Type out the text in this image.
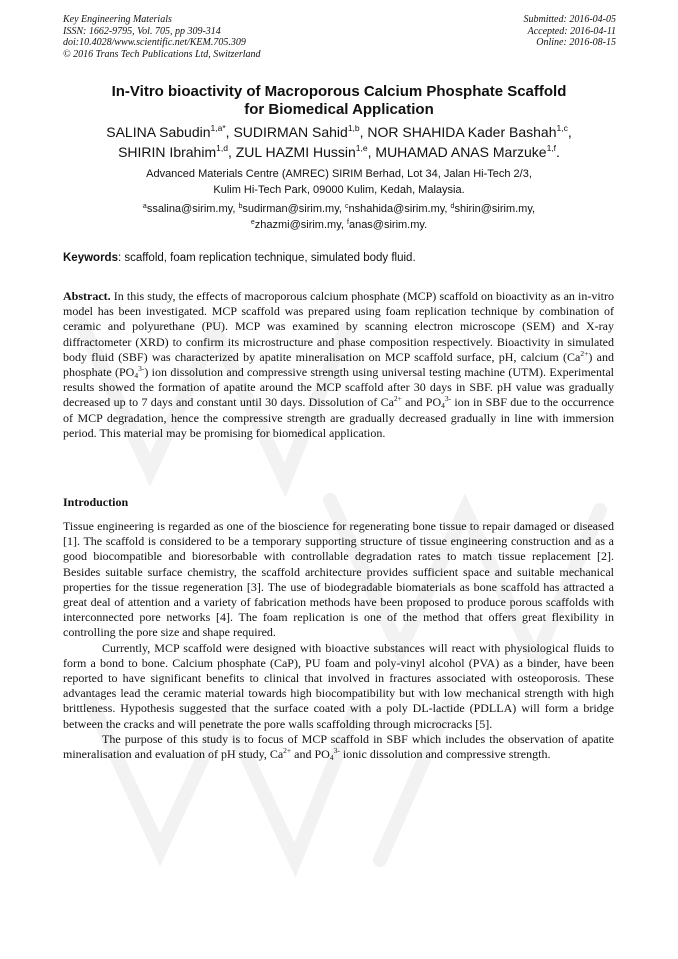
Key Engineering Materials
ISSN: 1662-9795, Vol. 705, pp 309-314
doi:10.4028/www.scientific.net/KEM.705.309
© 2016 Trans Tech Publications Ltd, Switzerland
Submitted: 2016-04-05
Accepted: 2016-04-11
Online: 2016-08-15
In-Vitro bioactivity of Macroporous Calcium Phosphate Scaffold
for Biomedical Application
SALINA Sabudin$^{1,a*}$, SUDIRMAN Sahid$^{1,b}$, NOR SHAHIDA Kader Bashah$^{1,c}$,
SHIRIN Ibrahim$^{1,d}$, ZUL HAZMI Hussin$^{1,e}$, MUHAMAD ANAS Marzuke$^{1,f}$.
Advanced Materials Centre (AMREC) SIRIM Berhad, Lot 34, Jalan Hi-Tech 2/3,
Kulim Hi-Tech Park, 09000 Kulim, Kedah, Malaysia.
$^a$ssalina@sirim.my, $^b$sudirman@sirim.my, $^c$nshahida@sirim.my, $^d$shirin@sirim.my,
$^e$zhazmi@sirim.my, $^f$anas@sirim.my.
Keywords: scaffold, foam replication technique, simulated body fluid.
Abstract. In this study, the effects of macroporous calcium phosphate (MCP) scaffold on bioactivity as an in-vitro model has been investigated. MCP scaffold was prepared using foam replication technique by combination of ceramic and polyurethane (PU). MCP was examined by scanning electron microscope (SEM) and X-ray diffractometer (XRD) to confirm its microstructure and phase composition respectively. Bioactivity in simulated body fluid (SBF) was characterized by apatite mineralisation on MCP scaffold surface, pH, calcium $(Ca^{2+})$ and phosphate $(PO_4^{3-})$ ion dissolution and compressive strength using universal testing machine (UTM). Experimental results showed the formation of apatite around the MCP scaffold after 30 days in SBF. pH value was gradually decreased up to 7 days and constant until 30 days. Dissolution of $Ca^{2+}$ and $PO_4^{3-}$ ion in SBF due to the occurrence of MCP degradation, hence the compressive strength are gradually decreased gradually in line with immersion period. This material may be promising for biomedical application.
Introduction

Tissue engineering is regarded as one of the bioscience for regenerating bone tissue to repair damaged or diseased [1]. The scaffold is considered to be a temporary supporting structure of tissue engineering construction and as a good biocompatible and bioresorbable with controllable degradation rates to match tissue replacement [2]. Besides suitable surface chemistry, the scaffold architecture provides sufficient space and suitable mechanical properties for the tissue regeneration [3]. The use of biodegradable biomaterials as bone scaffold has attracted a great deal of attention and a variety of fabrication methods have been proposed to produce porous scaffolds with interconnected pore networks [4]. The foam replication is one of the method that offers great flexibility in controlling the pore size and shape required.

Currently, MCP scaffold were designed with bioactive substances will react with physiological fluids to form a bond to bone. Calcium phosphate (CaP), PU foam and poly-vinyl alcohol (PVA) as a binder, have been reported to have significant benefits to clinical that involved in fractures associated with osteoporosis. These advantages lead the ceramic material towards high biocompatibility but with low mechanical strength with high brittleness. Hypothesis suggested that the surface coated with a poly DL-lactide (PDLLA) will form a bridge between the cracks and will penetrate the pore walls scaffolding through microcracks [5].

The purpose of this study is to focus of MCP scaffold in SBF which includes the observation of apatite mineralisation and evaluation of pH study, $Ca^{2+}$ and $PO_4^{3-}$ ionic dissolution and compressive strength.
